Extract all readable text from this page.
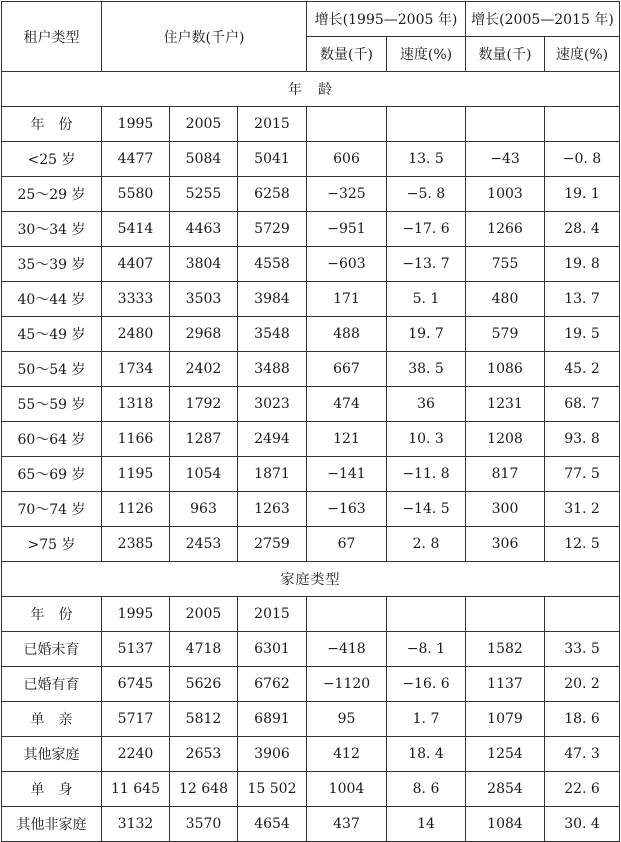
租户类型	住户数(千户)			增长(1995—2005 年)		增长(2005—2015 年)	
				数量(千)	速度(%)	数量(千)	速度(%)
年　龄							
年　份	1995	2005	2015				
<25 岁	4477	5084	5041	606	13. 5	−43	−0. 8
25～29 岁	5580	5255	6258	−325	−5. 8	1003	19. 1
30～34 岁	5414	4463	5729	−951	−17. 6	1266	28. 4
35～39 岁	4407	3804	4558	−603	−13. 7	755	19. 8
40～44 岁	3333	3503	3984	171	5. 1	480	13. 7
45～49 岁	2480	2968	3548	488	19. 7	579	19. 5
50～54 岁	1734	2402	3488	667	38. 5	1086	45. 2
55～59 岁	1318	1792	3023	474	36	1231	68. 7
60～64 岁	1166	1287	2494	121	10. 3	1208	93. 8
65～69 岁	1195	1054	1871	−141	−11. 8	817	77. 5
70～74 岁	1126	963	1263	−163	−14. 5	300	31. 2
>75 岁	2385	2453	2759	67	2. 8	306	12. 5
家庭类型							
年　份	1995	2005	2015				
已婚未育	5137	4718	6301	−418	−8. 1	1582	33. 5
已婚有育	6745	5626	6762	−1120	−16. 6	1137	20. 2
单　亲	5717	5812	6891	95	1. 7	1079	18. 6
其他家庭	2240	2653	3906	412	18. 4	1254	47. 3
单　身	11 645	12 648	15 502	1004	8. 6	2854	22. 6
其他非家庭	3132	3570	4654	437	14	1084	30. 4
